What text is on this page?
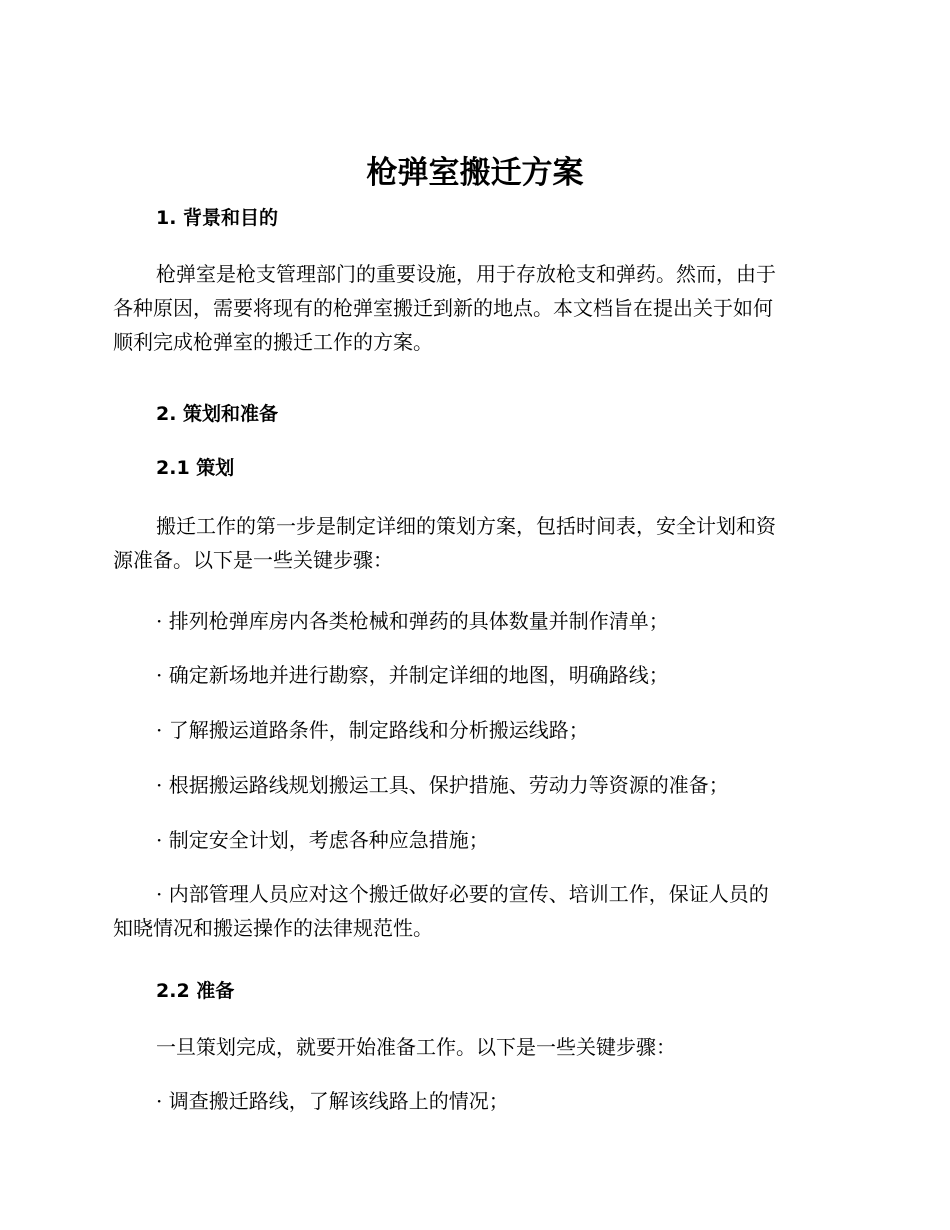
枪弹室搬迁方案
1. 背景和目的

枪弹室是枪支管理部门的重要设施，用于存放枪支和弹药。然而，由于
各种原因，需要将现有的枪弹室搬迁到新的地点。本文档旨在提出关于如何
顺利完成枪弹室的搬迁工作的方案。

2. 策划和准备
2.1 策划

搬迁工作的第一步是制定详细的策划方案，包括时间表，安全计划和资
源准备。以下是一些关键步骤：

· 排列枪弹库房内各类枪械和弹药的具体数量并制作清单；

· 确定新场地并进行勘察，并制定详细的地图，明确路线；

· 了解搬运道路条件，制定路线和分析搬运线路；

· 根据搬运路线规划搬运工具、保护措施、劳动力等资源的准备；

· 制定安全计划，考虑各种应急措施；

· 内部管理人员应对这个搬迁做好必要的宣传、培训工作，保证人员的
知晓情况和搬运操作的法律规范性。

2.2 准备

一旦策划完成，就要开始准备工作。以下是一些关键步骤：

· 调查搬迁路线，了解该线路上的情况；
